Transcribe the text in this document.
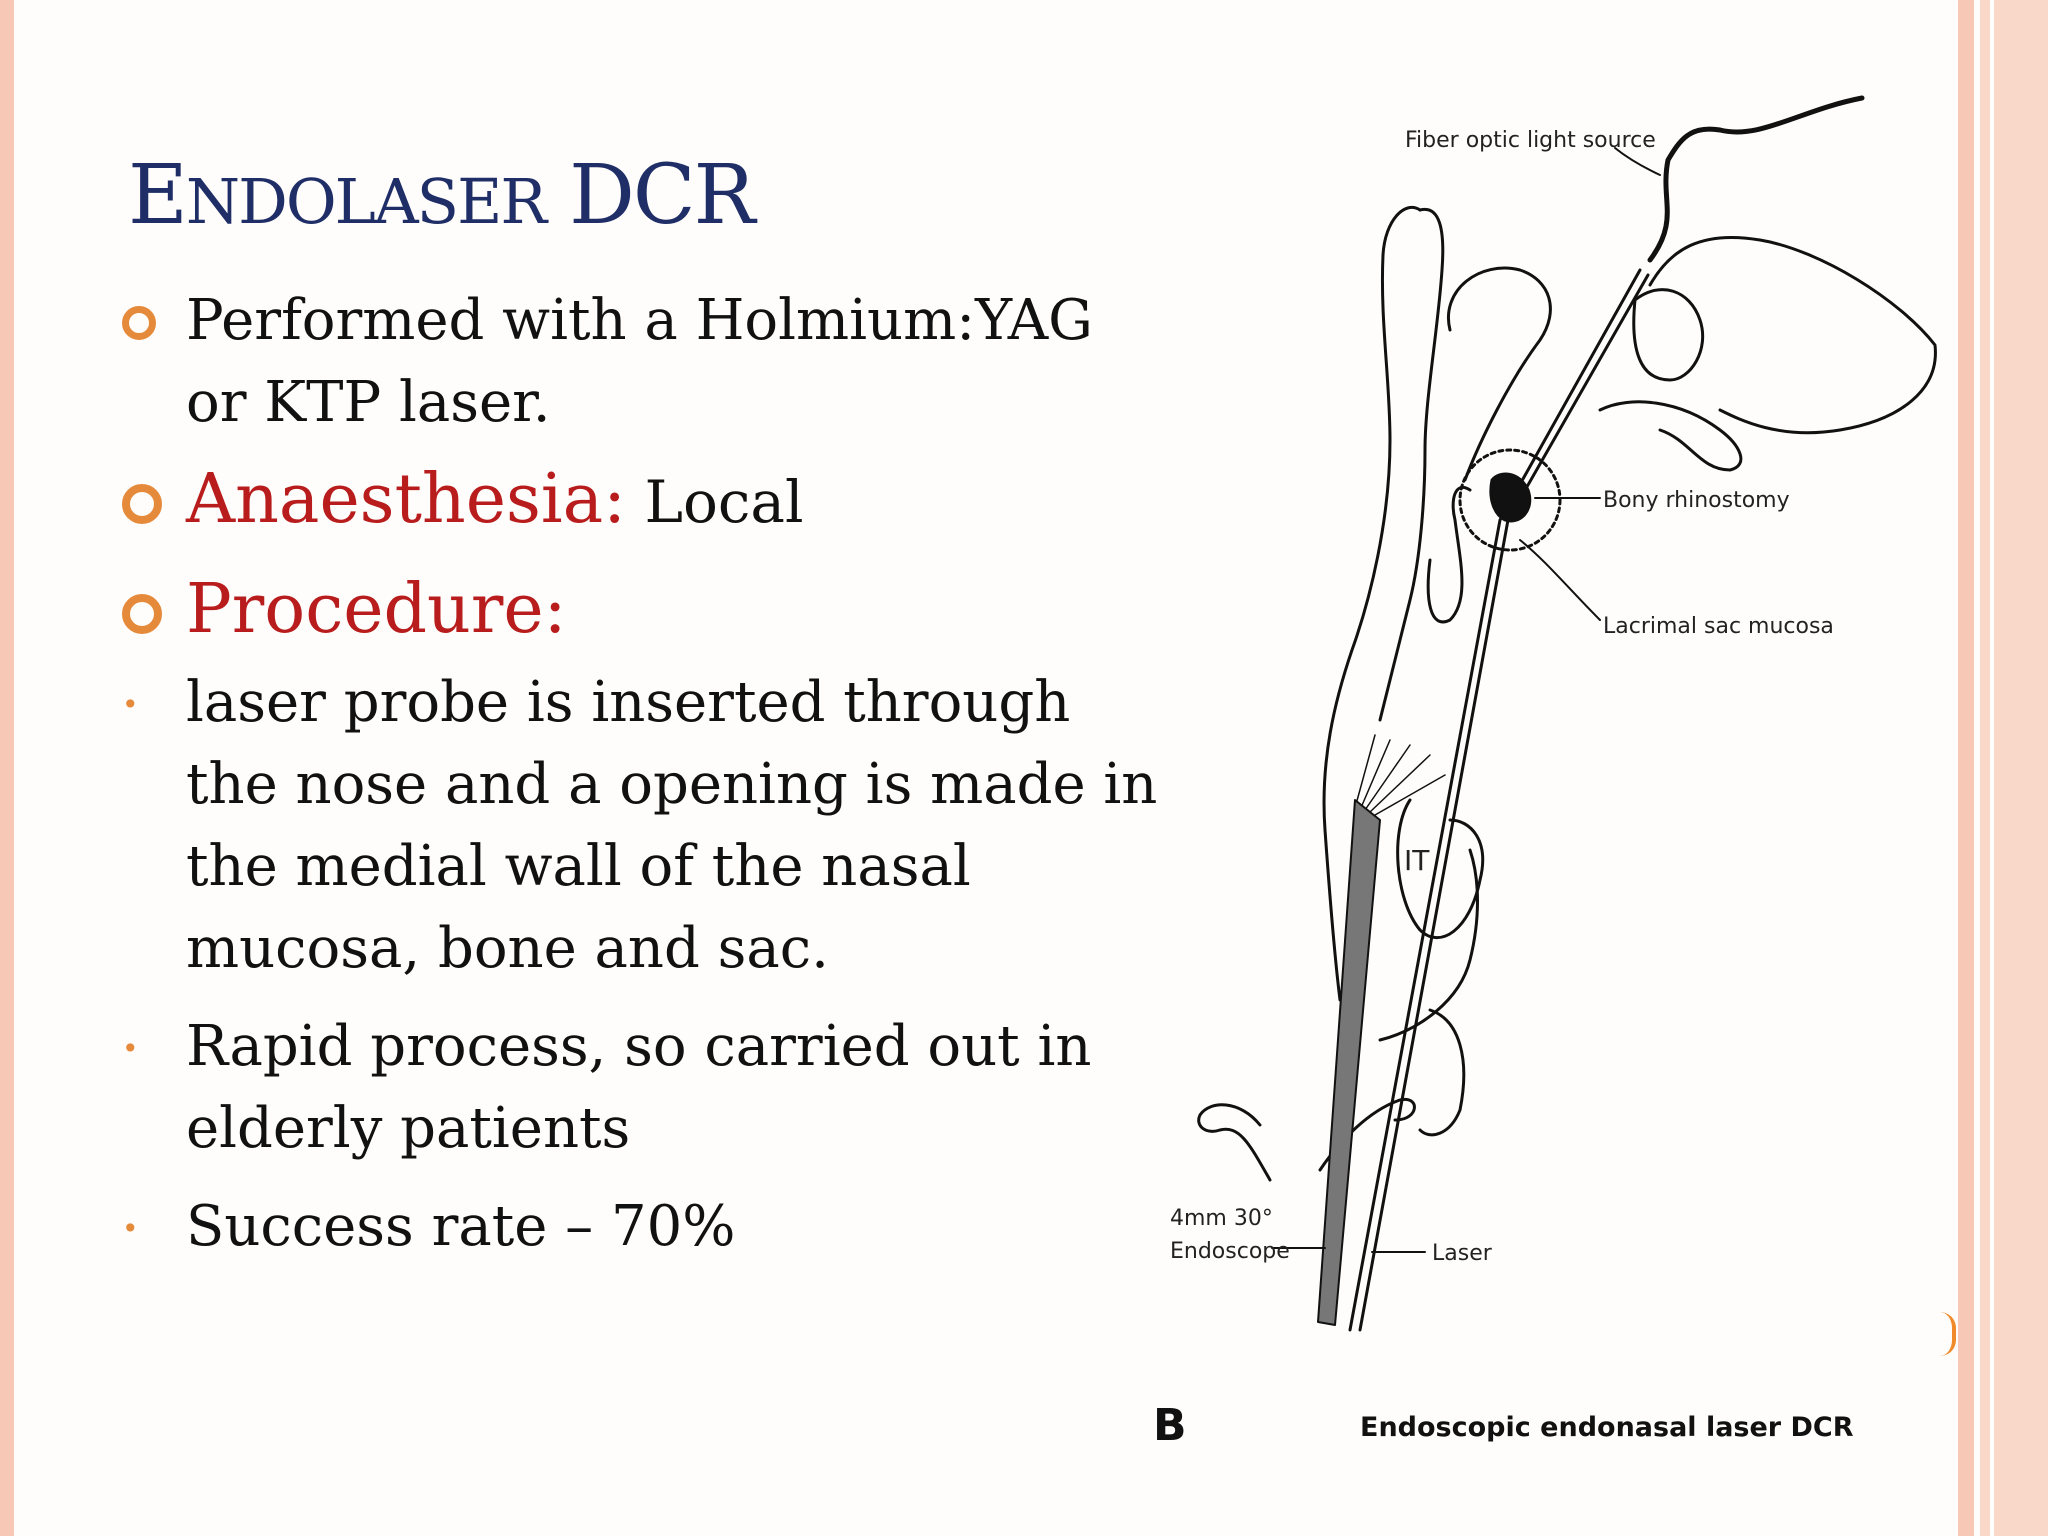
ENDOLASER DCR
Performed with a Holmium:YAG
or KTP laser.
Anaesthesia: Local
Procedure:
• laser probe is inserted through
the nose and a opening is made in
the medial wall of the nasal
mucosa, bone and sac.
• Rapid process, so carried out in
elderly patients
• Success rate – 70%
Fiber optic light source
Bony rhinostomy
Lacrimal sac mucosa
IT
4mm 30°
Endoscope	Laser
B	Endoscopic endonasal laser DCR
